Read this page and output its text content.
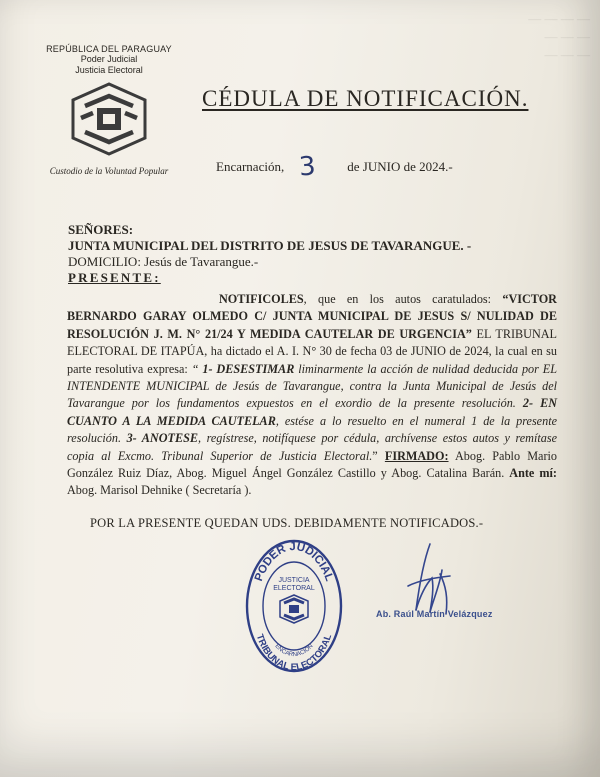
— — — —
— — —
— — —
REPÚBLICA DEL PARAGUAY
Poder Judicial
Justicia Electoral
Custodio de la Voluntad Popular
CÉDULA DE NOTIFICACIÓN.
Encarnación, 3 de JUNIO de 2024.-
SEÑORES:
JUNTA MUNICIPAL DEL DISTRITO DE JESUS DE TAVARANGUE. -
DOMICILIO: Jesús de Tavarangue.-
PRESENTE:
NOTIFICOLES, que en los autos caratulados: “VICTOR BERNARDO GARAY OLMEDO C/ JUNTA MUNICIPAL DE JESUS S/ NULIDAD DE RESOLUCIÓN J. M. N° 21/24 Y MEDIDA CAUTELAR DE URGENCIA” EL TRIBUNAL ELECTORAL DE ITAPÚA, ha dictado el A. I. N° 30 de fecha 03 de JUNIO de 2024, la cual en su parte resolutiva expresa: “ 1- DESESTIMAR liminarmente la acción de nulidad deducida por EL INTENDENTE MUNICIPAL de Jesús de Tavarangue, contra la Junta Municipal de Jesús del Tavarangue por los fundamentos expuestos en el exordio de la presente resolución. 2- EN CUANTO A LA MEDIDA CAUTELAR, estése a lo resuelto en el numeral 1 de la presente resolución. 3- ANOTESE, regístrese, notifíquese por cédula, archívense estos autos y remítase copia al Excmo. Tribunal Superior de Justicia Electoral.” FIRMADO: Abog. Pablo Mario González Ruiz Díaz, Abog. Miguel Ángel González Castillo y Abog. Catalina Barán. Ante mí: Abog. Marisol Dehnike ( Secretaría ).
POR LA PRESENTE QUEDAN UDS. DEBIDAMENTE NOTIFICADOS.-
PODER JUDICIAL
TRIBUNAL ELECTORAL
ENCARNACION
JUSTICIA
ELECTORAL
Ab. Raúl Martín Velázquez
